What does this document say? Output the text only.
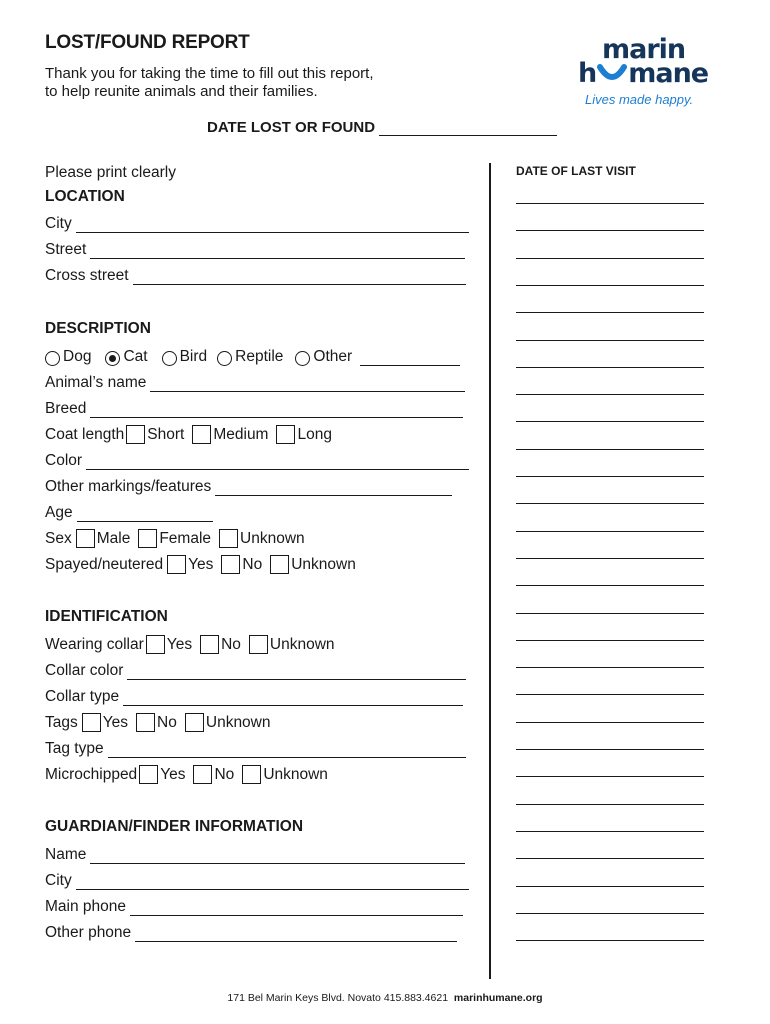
LOST/FOUND REPORT
Thank you for taking the time to fill out this report,
to help reunite animals and their families.
marin
h mane
Lives made happy.
DATE LOST OR FOUND
Please print clearly
LOCATION
City
Street
Cross street
DESCRIPTION
Dog Cat Bird Reptile Other
Animal’s name
Breed
Coat length Short Medium Long
Color
Other markings/features
Age
Sex Male Female Unknown
Spayed/neutered Yes No Unknown
IDENTIFICATION
Wearing collar Yes No Unknown
Collar color
Collar type
Tags Yes No Unknown
Tag type
Microchipped Yes No Unknown
GUARDIAN/FINDER INFORMATION
Name
City
Main phone
Other phone
DATE OF LAST VISIT
171 Bel Marin Keys Blvd. Novato 415.883.4621 marinhumane.org
